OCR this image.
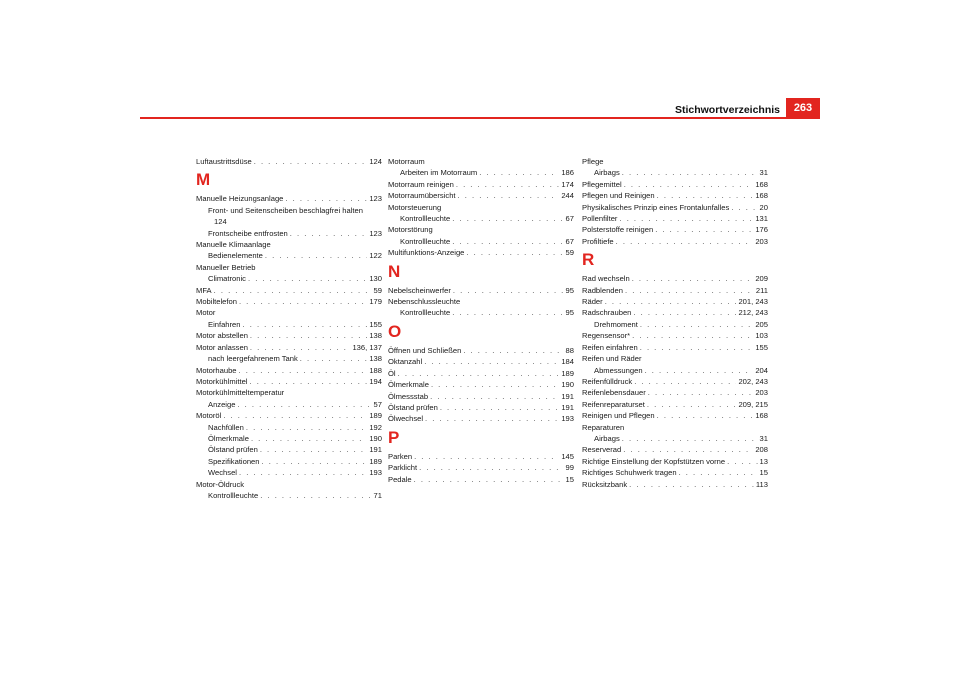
Stichwortverzeichnis	263
Luftaustrittsdüse . . .	124
M
Manuelle Heizungsanlage . . .	123
Front- und Seitenscheiben beschlagfrei halten
124
Frontscheibe entfrosten . . .	123
Manuelle Klimaanlage
Bedienelemente . . .	122
Manueller Betrieb
Climatronic . . .	130
MFA . . .	59
Mobiltelefon . . .	179
Motor
Einfahren . . .	155
Motor abstellen . . .	138
Motor anlassen . . .	136, 137
nach leergefahrenem Tank . . .	138
Motorhaube . . .	188
Motorkühlmittel . . .	194
Motorkühlmitteltemperatur
Anzeige . . .	57
Motoröl . . .	189
Nachfüllen . . .	192
Ölmerkmale . . .	190
Ölstand prüfen . . .	191
Spezifikationen . . .	189
Wechsel . . .	193
Motor-Öldruck
Kontrollleuchte . . .	71
Motorraum
Arbeiten im Motorraum . . .	186
Motorraum reinigen . . .	174
Motorraumübersicht . . .	244
Motorsteuerung
Kontrollleuchte . . .	67
Motorstörung
Kontrollleuchte . . .	67
Multifunktions-Anzeige . . .	59
N
Nebelscheinwerfer . . .	95
Nebenschlussleuchte
Kontrollleuchte . . .	95
O
Öffnen und Schließen . . .	88
Oktanzahl . . .	184
Öl . . .	189
Ölmerkmale . . .	190
Ölmessstab . . .	191
Ölstand prüfen . . .	191
Ölwechsel . . .	193
P
Parken . . .	145
Parklicht . . .	99
Pedale . . .	15
Pflege
Airbags . . .	31
Pflegemittel . . .	168
Pflegen und Reinigen . . .	168
Physikalisches Prinzip eines Frontalunfalles . . .	20
Pollenfilter . . .	131
Polsterstoffe reinigen . . .	176
Profiltiefe . . .	203
R
Rad wechseln . . .	209
Radblenden . . .	211
Räder . . .	201, 243
Radschrauben . . .	212, 243
Drehmoment . . .	205
Regensensor* . . .	103
Reifen einfahren . . .	155
Reifen und Räder
Abmessungen . . .	204
Reifenfülldruck . . .	202, 243
Reifenlebensdauer . . .	203
Reifenreparaturset . . .	209, 215
Reinigen und Pflegen . . .	168
Reparaturen
Airbags . . .	31
Reserverad . . .	208
Richtige Einstellung der Kopfstützen vorne . . .	13
Richtiges Schuhwerk tragen . . .	15
Rücksitzbank . . .	113
